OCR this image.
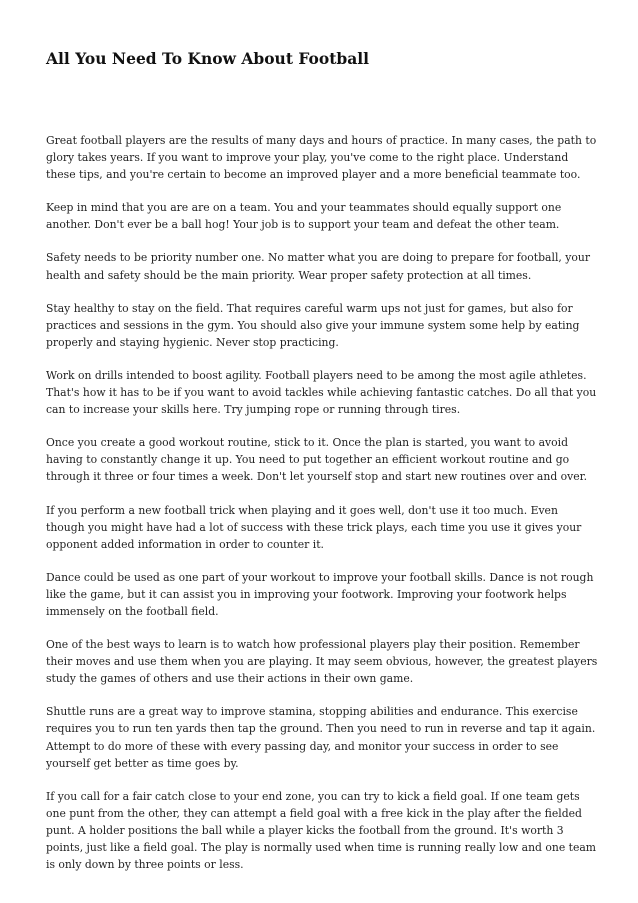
All You Need To Know About Football

Great football players are the results of many days and hours of practice. In many cases, the path to glory takes years. If you want to improve your play, you've come to the right place. Understand these tips, and you're certain to become an improved player and a more beneficial teammate too.

Keep in mind that you are are on a team. You and your teammates should equally support one another. Don't ever be a ball hog! Your job is to support your team and defeat the other team.

Safety needs to be priority number one. No matter what you are doing to prepare for football, your health and safety should be the main priority. Wear proper safety protection at all times.

Stay healthy to stay on the field. That requires careful warm ups not just for games, but also for practices and sessions in the gym. You should also give your immune system some help by eating properly and staying hygienic. Never stop practicing.

Work on drills intended to boost agility. Football players need to be among the most agile athletes. That's how it has to be if you want to avoid tackles while achieving fantastic catches. Do all that you can to increase your skills here. Try jumping rope or running through tires.

Once you create a good workout routine, stick to it. Once the plan is started, you want to avoid having to constantly change it up. You need to put together an efficient workout routine and go through it three or four times a week. Don't let yourself stop and start new routines over and over.

If you perform a new football trick when playing and it goes well, don't use it too much. Even though you might have had a lot of success with these trick plays, each time you use it gives your opponent added information in order to counter it.

Dance could be used as one part of your workout to improve your football skills. Dance is not rough like the game, but it can assist you in improving your footwork. Improving your footwork helps immensely on the football field.

One of the best ways to learn is to watch how professional players play their position. Remember their moves and use them when you are playing. It may seem obvious, however, the greatest players study the games of others and use their actions in their own game.

Shuttle runs are a great way to improve stamina, stopping abilities and endurance. This exercise requires you to run ten yards then tap the ground. Then you need to run in reverse and tap it again. Attempt to do more of these with every passing day, and monitor your success in order to see yourself get better as time goes by.

If you call for a fair catch close to your end zone, you can try to kick a field goal. If one team gets one punt from the other, they can attempt a field goal with a free kick in the play after the fielded punt. A holder positions the ball while a player kicks the football from the ground. It's worth 3 points, just like a field goal. The play is normally used when time is running really low and one team is only down by three points or less.
